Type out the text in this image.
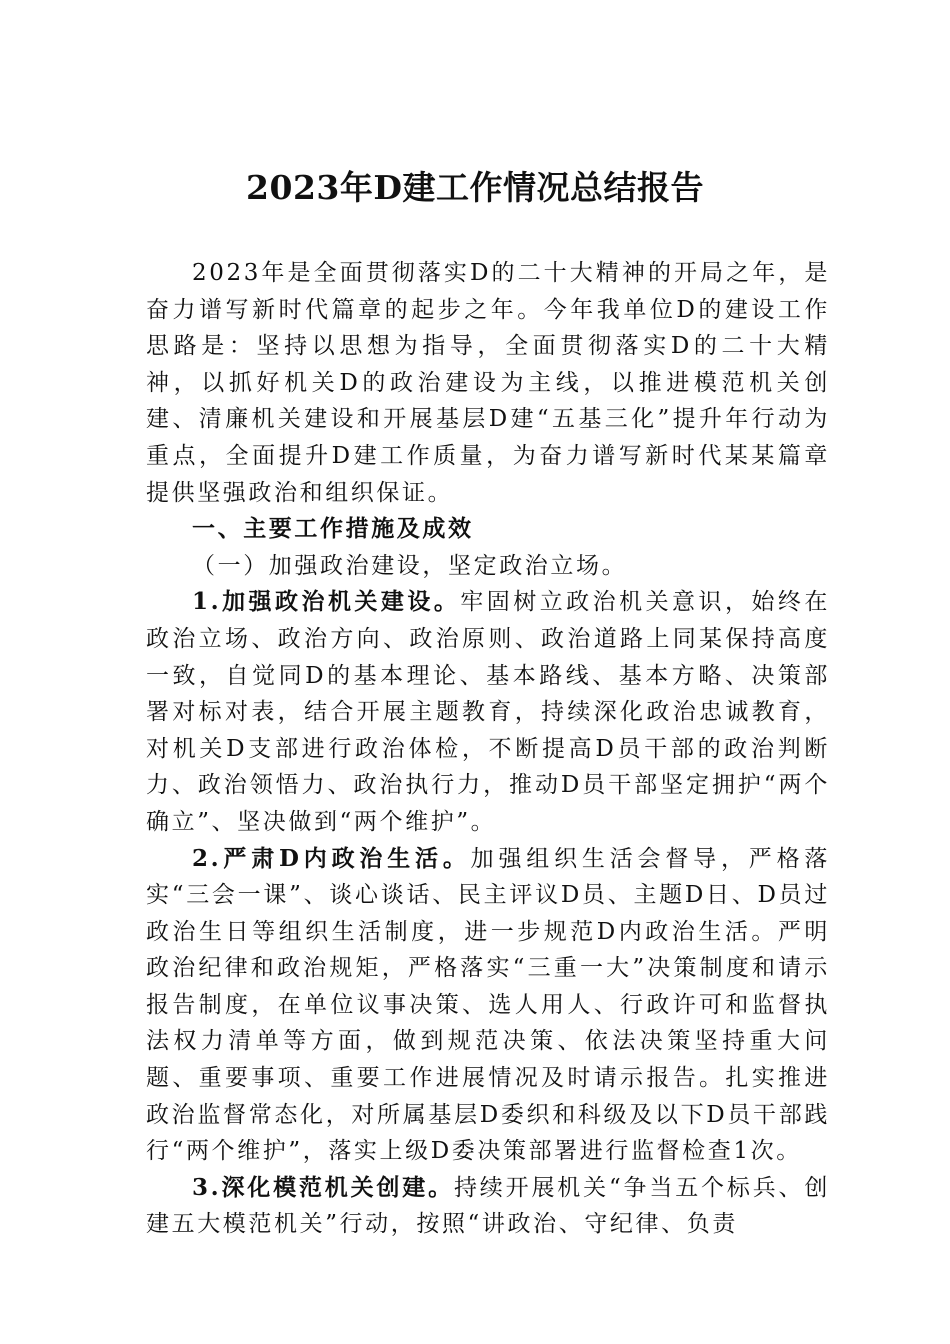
2023年D建工作情况总结报告

2023年是全面贯彻落实D的二十大精神的开局之年，是奋力谱写新时代篇章的起步之年。今年我单位D的建设工作思路是：坚持以思想为指导，全面贯彻落实D的二十大精神，以抓好机关D的政治建设为主线，以推进模范机关创建、清廉机关建设和开展基层D建“五基三化”提升年行动为重点，全面提升D建工作质量，为奋力谱写新时代某某篇章提供坚强政治和组织保证。

一、主要工作措施及成效

（一）加强政治建设，坚定政治立场。

1.加强政治机关建设。牢固树立政治机关意识，始终在政治立场、政治方向、政治原则、政治道路上同某保持高度一致，自觉同D的基本理论、基本路线、基本方略、决策部署对标对表，结合开展主题教育，持续深化政治忠诚教育，对机关D支部进行政治体检，不断提高D员干部的政治判断力、政治领悟力、政治执行力，推动D员干部坚定拥护“两个确立”、坚决做到“两个维护”。

2.严肃D内政治生活。加强组织生活会督导，严格落实“三会一课”、谈心谈话、民主评议D员、主题D日、D员过政治生日等组织生活制度，进一步规范D内政治生活。严明政治纪律和政治规矩，严格落实“三重一大”决策制度和请示报告制度，在单位议事决策、选人用人、行政许可和监督执法权力清单等方面，做到规范决策、依法决策坚持重大问题、重要事项、重要工作进展情况及时请示报告。扎实推进政治监督常态化，对所属基层D委织和科级及以下D员干部践行“两个维护”，落实上级D委决策部署进行监督检查1次。

3.深化模范机关创建。持续开展机关“争当五个标兵、创建五大模范机关”行动，按照“讲政治、守纪律、负责
